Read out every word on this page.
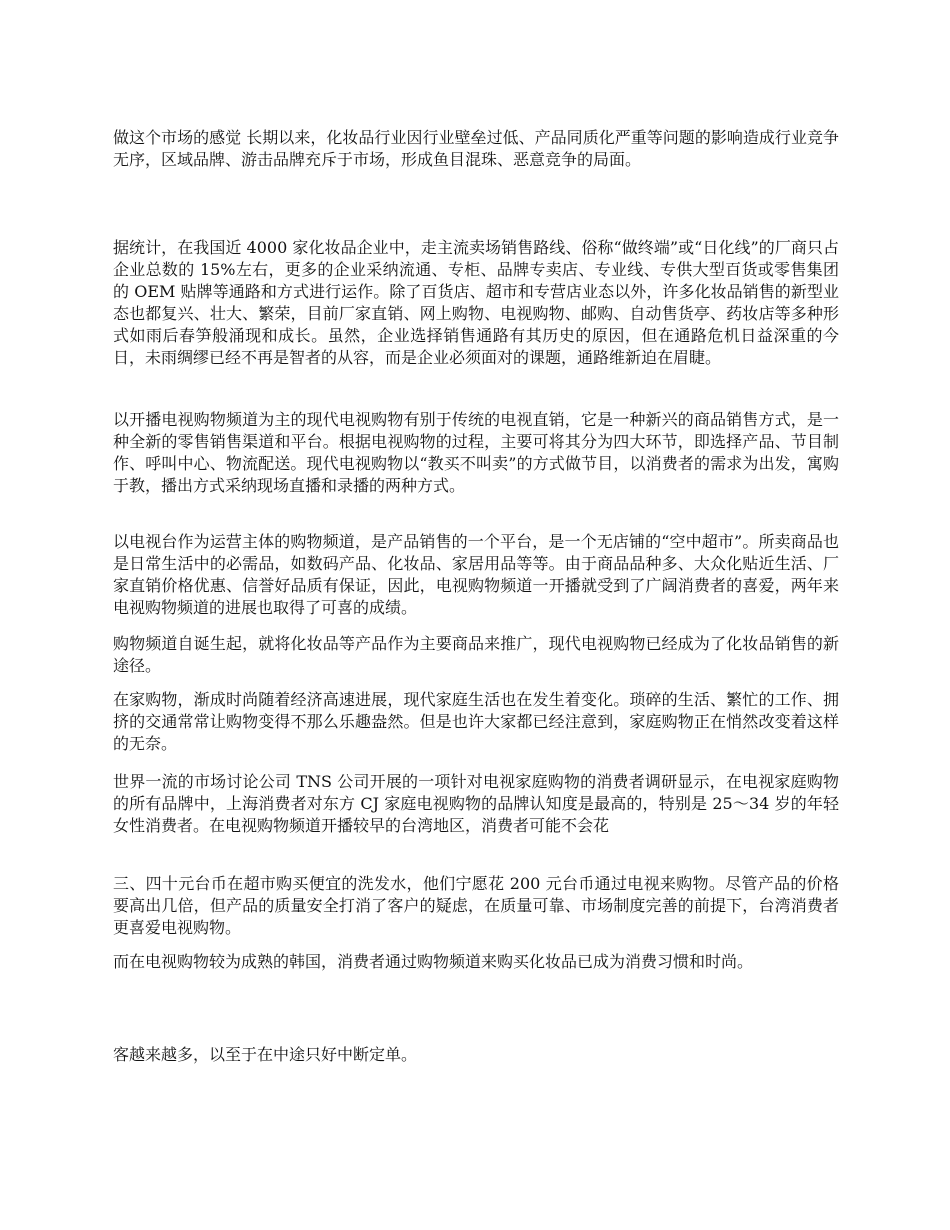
做这个市场的感觉 长期以来，化妆品行业因行业壁垒过低、产品同质化严重等问题的影响造成行业竞争无序，区域品牌、游击品牌充斥于市场，形成鱼目混珠、恶意竞争的局面。

据统计，在我国近 4000 家化妆品企业中，走主流卖场销售路线、俗称“做终端”或“日化线”的厂商只占企业总数的 15%左右，更多的企业采纳流通、专柜、品牌专卖店、专业线、专供大型百货或零售集团的 OEM 贴牌等通路和方式进行运作。除了百货店、超市和专营店业态以外，许多化妆品销售的新型业态也都复兴、壮大、繁荣，目前厂家直销、网上购物、电视购物、邮购、自动售货亭、药妆店等多种形式如雨后春笋般涌现和成长。虽然，企业选择销售通路有其历史的原因，但在通路危机日益深重的今日，未雨绸缪已经不再是智者的从容，而是企业必须面对的课题，通路维新迫在眉睫。

以开播电视购物频道为主的现代电视购物有别于传统的电视直销，它是一种新兴的商品销售方式，是一种全新的零售销售渠道和平台。根据电视购物的过程，主要可将其分为四大环节，即选择产品、节目制作、呼叫中心、物流配送。现代电视购物以“教买不叫卖”的方式做节目，以消费者的需求为出发，寓购于教，播出方式采纳现场直播和录播的两种方式。

以电视台作为运营主体的购物频道，是产品销售的一个平台，是一个无店铺的“空中超市”。所卖商品也是日常生活中的必需品，如数码产品、化妆品、家居用品等等。由于商品品种多、大众化贴近生活、厂家直销价格优惠、信誉好品质有保证，因此，电视购物频道一开播就受到了广阔消费者的喜爱，两年来电视购物频道的进展也取得了可喜的成绩。

购物频道自诞生起，就将化妆品等产品作为主要商品来推广，现代电视购物已经成为了化妆品销售的新途径。

在家购物，渐成时尚随着经济高速进展，现代家庭生活也在发生着变化。琐碎的生活、繁忙的工作、拥挤的交通常常让购物变得不那么乐趣盎然。但是也许大家都已经注意到，家庭购物正在悄然改变着这样的无奈。

世界一流的市场讨论公司 TNS 公司开展的一项针对电视家庭购物的消费者调研显示，在电视家庭购物的所有品牌中，上海消费者对东方 CJ 家庭电视购物的品牌认知度是最高的，特别是 25～34 岁的年轻女性消费者。在电视购物频道开播较早的台湾地区，消费者可能不会花

三、四十元台币在超市购买便宜的洗发水，他们宁愿花 200 元台币通过电视来购物。尽管产品的价格要高出几倍，但产品的质量安全打消了客户的疑虑，在质量可靠、市场制度完善的前提下，台湾消费者更喜爱电视购物。

而在电视购物较为成熟的韩国，消费者通过购物频道来购买化妆品已成为消费习惯和时尚。

客越来越多，以至于在中途只好中断定单。
